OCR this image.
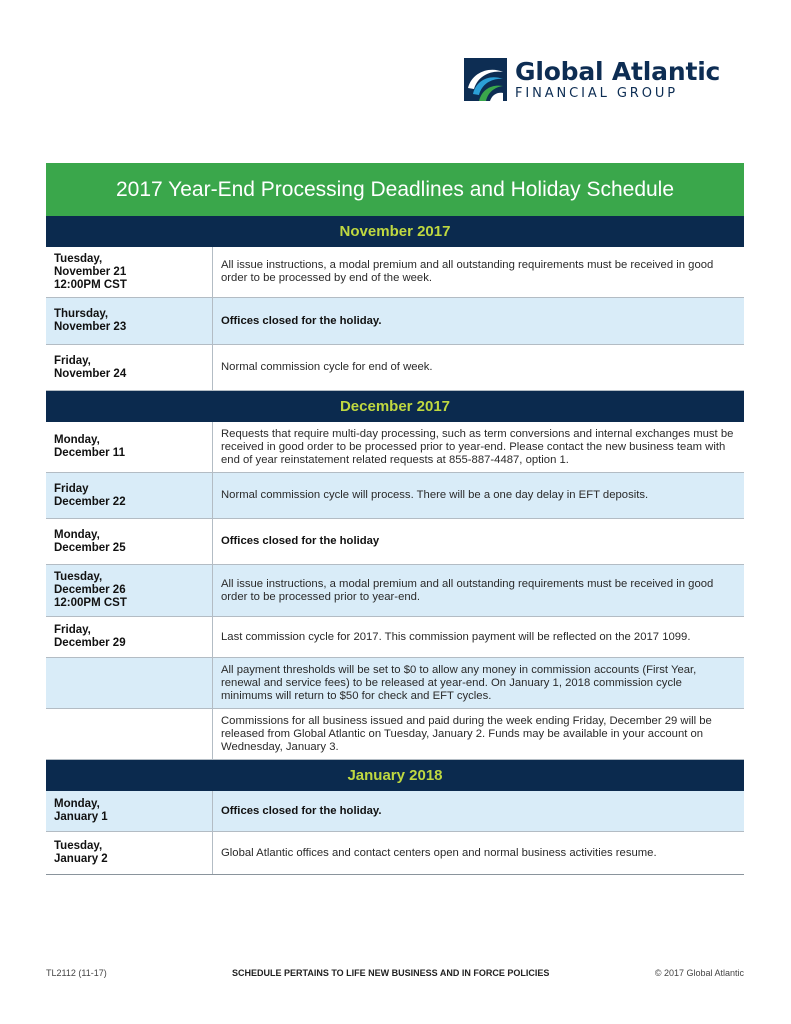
Global Atlantic
FINANCIAL GROUP
2017 Year-End Processing Deadlines and Holiday Schedule
November 2017
Tuesday,
November 21
12:00PM CST
All issue instructions, a modal premium and all outstanding requirements must be received in good order to be processed by end of the week.
Thursday,
November 23
Offices closed for the holiday.
Friday,
November 24
Normal commission cycle for end of week.
December 2017
Monday,
December 11
Requests that require multi-day processing, such as term conversions and internal exchanges must be received in good order to be processed prior to year-end. Please contact the new business team with end of year reinstatement related requests at 855-887-4487, option 1.
Friday
December 22
Normal commission cycle will process. There will be a one day delay in EFT deposits.
Monday,
December 25
Offices closed for the holiday
Tuesday,
December 26
12:00PM CST
All issue instructions, a modal premium and all outstanding requirements must be received in good order to be processed prior to year-end.
Friday,
December 29
Last commission cycle for 2017. This commission payment will be reflected on the 2017 1099.
All payment thresholds will be set to $0 to allow any money in commission accounts (First Year, renewal and service fees) to be released at year-end. On January 1, 2018 commission cycle minimums will return to $50 for check and EFT cycles.
Commissions for all business issued and paid during the week ending Friday, December 29 will be released from Global Atlantic on Tuesday, January 2. Funds may be available in your account on Wednesday, January 3.
January 2018
Monday,
January 1
Offices closed for the holiday.
Tuesday,
January 2
Global Atlantic offices and contact centers open and normal business activities resume.
TL2112 (11-17)	SCHEDULE PERTAINS TO LIFE NEW BUSINESS AND IN FORCE POLICIES	© 2017 Global Atlantic
